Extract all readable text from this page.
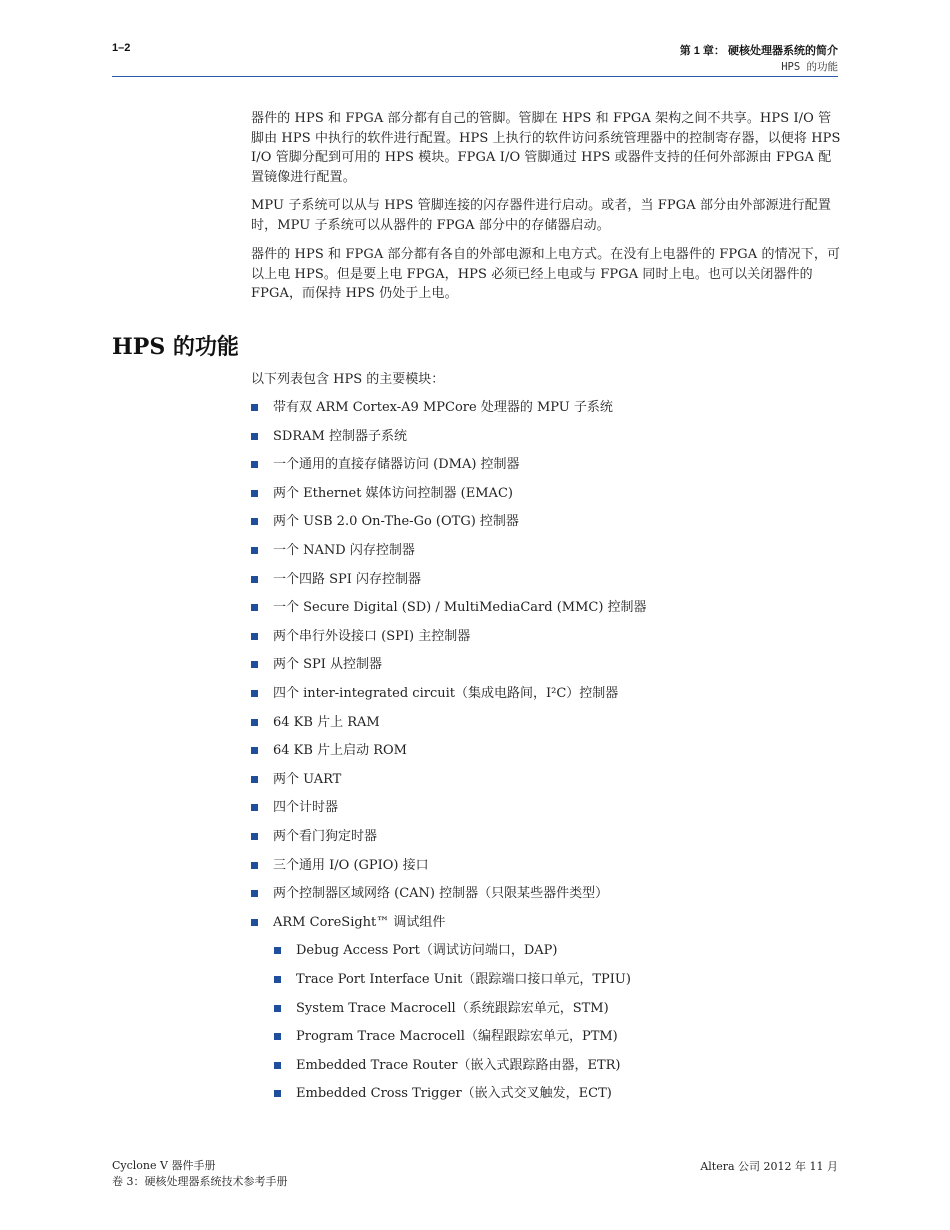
1–2	第 1 章： 硬核处理器系统的简介
HPS 的功能

器件的 HPS 和 FPGA 部分都有自己的管脚。管脚在 HPS 和 FPGA 架构之间不共享。HPS I/O 管脚由 HPS 中执行的软件进行配置。HPS 上执行的软件访问系统管理器中的控制寄存器，以便将 HPS I/O 管脚分配到可用的 HPS 模块。FPGA I/O 管脚通过 HPS 或器件支持的任何外部源由 FPGA 配置镜像进行配置。

MPU 子系统可以从与 HPS 管脚连接的闪存器件进行启动。或者，当 FPGA 部分由外部源进行配置时，MPU 子系统可以从器件的 FPGA 部分中的存储器启动。

器件的 HPS 和 FPGA 部分都有各自的外部电源和上电方式。在没有上电器件的 FPGA 的情况下，可以上电 HPS。但是要上电 FPGA，HPS 必须已经上电或与 FPGA 同时上电。也可以关闭器件的 FPGA，而保持 HPS 仍处于上电。

HPS 的功能

以下列表包含 HPS 的主要模块：

带有双 ARM Cortex-A9 MPCore 处理器的 MPU 子系统
SDRAM 控制器子系统
一个通用的直接存储器访问 (DMA) 控制器
两个 Ethernet 媒体访问控制器 (EMAC)
两个 USB 2.0 On-The-Go (OTG) 控制器
一个 NAND 闪存控制器
一个四路 SPI 闪存控制器
一个 Secure Digital (SD) / MultiMediaCard (MMC) 控制器
两个串行外设接口 (SPI) 主控制器
两个 SPI 从控制器
四个 inter-integrated circuit（集成电路间，I²C）控制器
64 KB 片上 RAM
64 KB 片上启动 ROM
两个 UART
四个计时器
两个看门狗定时器
三个通用 I/O (GPIO) 接口
两个控制器区域网络 (CAN) 控制器（只限某些器件类型）
ARM CoreSight™ 调试组件
Debug Access Port（调试访问端口，DAP)
Trace Port Interface Unit（跟踪端口接口单元，TPIU)
System Trace Macrocell（系统跟踪宏单元，STM)
Program Trace Macrocell（编程跟踪宏单元，PTM)
Embedded Trace Router（嵌入式跟踪路由器，ETR)
Embedded Cross Trigger（嵌入式交叉触发，ECT)
Cyclone V 器件手册
卷 3：硬核处理器系统技术参考手册
Altera 公司 2012 年 11 月
